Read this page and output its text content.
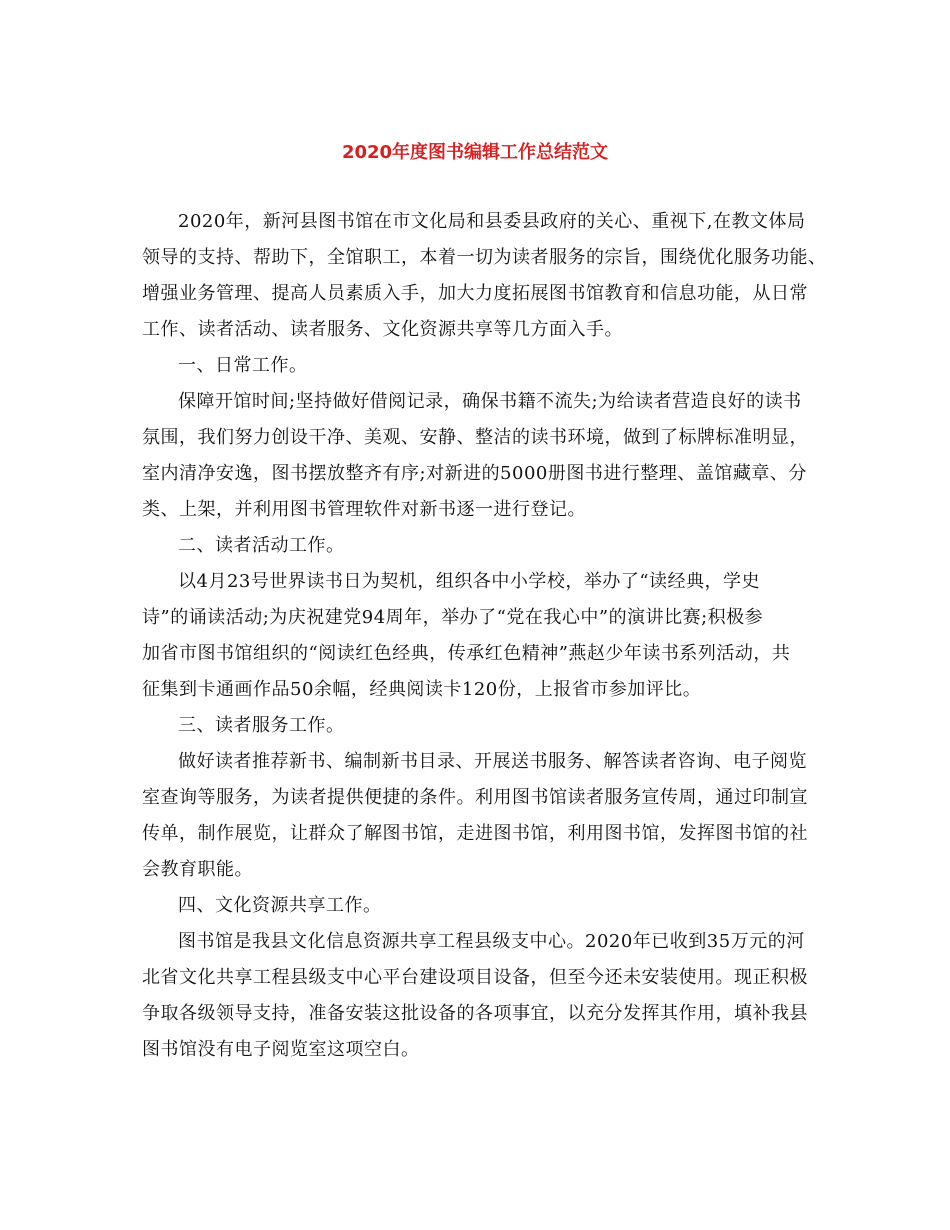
2020年度图书编辑工作总结范文
2020年，新河县图书馆在市文化局和县委县政府的关心、重视下,在教文体局
领导的支持、帮助下，全馆职工，本着一切为读者服务的宗旨，围绕优化服务功能、
增强业务管理、提高人员素质入手，加大力度拓展图书馆教育和信息功能，从日常
工作、读者活动、读者服务、文化资源共享等几方面入手。
一、日常工作。
保障开馆时间;坚持做好借阅记录，确保书籍不流失;为给读者营造良好的读书
氛围，我们努力创设干净、美观、安静、整洁的读书环境，做到了标牌标准明显，
室内清净安逸，图书摆放整齐有序;对新进的5000册图书进行整理、盖馆藏章、分
类、上架，并利用图书管理软件对新书逐一进行登记。
二、读者活动工作。
以4月23号世界读书日为契机，组织各中小学校，举办了“读经典，学史
诗”的诵读活动;为庆祝建党94周年，举办了“党在我心中”的演讲比赛;积极参
加省市图书馆组织的“阅读红色经典，传承红色精神”燕赵少年读书系列活动，共
征集到卡通画作品50余幅，经典阅读卡120份，上报省市参加评比。
三、读者服务工作。
做好读者推荐新书、编制新书目录、开展送书服务、解答读者咨询、电子阅览
室查询等服务，为读者提供便捷的条件。利用图书馆读者服务宣传周，通过印制宣
传单，制作展览，让群众了解图书馆，走进图书馆，利用图书馆，发挥图书馆的社
会教育职能。
四、文化资源共享工作。
图书馆是我县文化信息资源共享工程县级支中心。2020年已收到35万元的河
北省文化共享工程县级支中心平台建设项目设备，但至今还未安装使用。现正积极
争取各级领导支持，准备安装这批设备的各项事宜，以充分发挥其作用，填补我县
图书馆没有电子阅览室这项空白。
